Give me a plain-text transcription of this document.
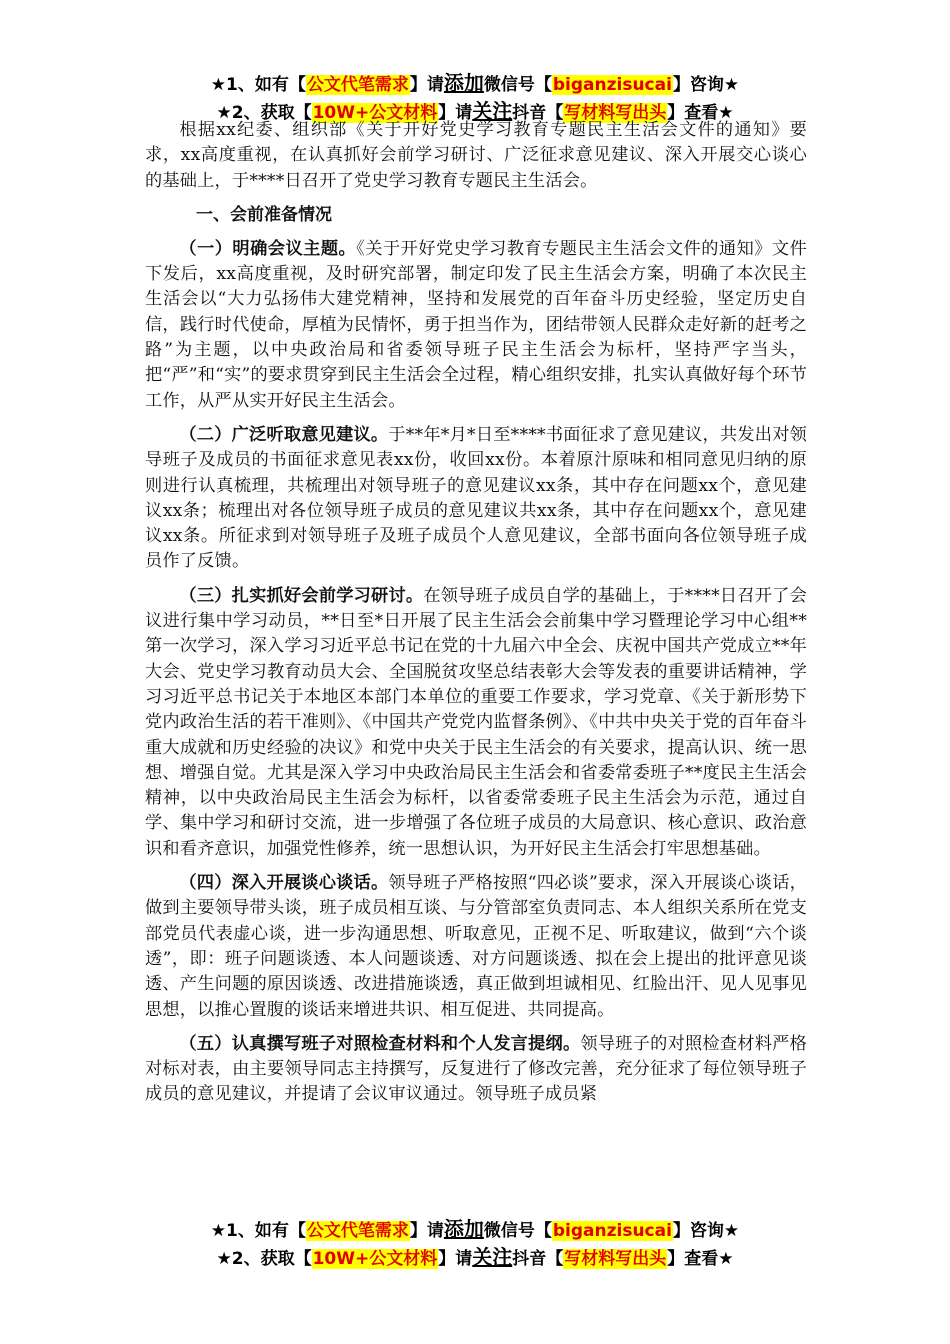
★1、如有【公文代笔需求】请添加微信号【biganzisucai】咨询★
★2、获取【10W+公文材料】请关注抖音【写材料写出头】查看★

根据xx纪委、组织部《关于开好党史学习教育专题民主生活会文件的通知》要求，xx高度重视，在认真抓好会前学习研讨、广泛征求意见建议、深入开展交心谈心的基础上，于****日召开了党史学习教育专题民主生活会。

一、会前准备情况

（一）明确会议主题。《关于开好党史学习教育专题民主生活会文件的通知》文件下发后，xx高度重视，及时研究部署，制定印发了民主生活会方案，明确了本次民主生活会以“大力弘扬伟大建党精神，坚持和发展党的百年奋斗历史经验，坚定历史自信，践行时代使命，厚植为民情怀，勇于担当作为，团结带领人民群众走好新的赶考之路”为主题，以中央政治局和省委领导班子民主生活会为标杆，坚持严字当头，把“严”和“实”的要求贯穿到民主生活会全过程，精心组织安排，扎实认真做好每个环节工作，从严从实开好民主生活会。

（二）广泛听取意见建议。于**年*月*日至****书面征求了意见建议，共发出对领导班子及成员的书面征求意见表xx份，收回xx份。本着原汁原味和相同意见归纳的原则进行认真梳理，共梳理出对领导班子的意见建议xx条，其中存在问题xx个，意见建议xx条；梳理出对各位领导班子成员的意见建议共xx条，其中存在问题xx个，意见建议xx条。所征求到对领导班子及班子成员个人意见建议，全部书面向各位领导班子成员作了反馈。

（三）扎实抓好会前学习研讨。在领导班子成员自学的基础上，于****日召开了会议进行集中学习动员，**日至*日开展了民主生活会会前集中学习暨理论学习中心组**第一次学习，深入学习习近平总书记在党的十九届六中全会、庆祝中国共产党成立**年大会、党史学习教育动员大会、全国脱贫攻坚总结表彰大会等发表的重要讲话精神，学习习近平总书记关于本地区本部门本单位的重要工作要求，学习党章、《关于新形势下党内政治生活的若干准则》、《中国共产党党内监督条例》、《中共中央关于党的百年奋斗重大成就和历史经验的决议》和党中央关于民主生活会的有关要求，提高认识、统一思想、增强自觉。尤其是深入学习中央政治局民主生活会和省委常委班子**度民主生活会精神，以中央政治局民主生活会为标杆，以省委常委班子民主生活会为示范，通过自学、集中学习和研讨交流，进一步增强了各位班子成员的大局意识、核心意识、政治意识和看齐意识，加强党性修养，统一思想认识，为开好民主生活会打牢思想基础。

（四）深入开展谈心谈话。领导班子严格按照“四必谈”要求，深入开展谈心谈话，做到主要领导带头谈，班子成员相互谈、与分管部室负责同志、本人组织关系所在党支部党员代表虚心谈，进一步沟通思想、听取意见，正视不足、听取建议，做到“六个谈透”，即：班子问题谈透、本人问题谈透、对方问题谈透、拟在会上提出的批评意见谈透、产生问题的原因谈透、改进措施谈透，真正做到坦诚相见、红脸出汗、见人见事见思想，以推心置腹的谈话来增进共识、相互促进、共同提高。

（五）认真撰写班子对照检查材料和个人发言提纲。领导班子的对照检查材料严格对标对表，由主要领导同志主持撰写，反复进行了修改完善，充分征求了每位领导班子成员的意见建议，并提请了会议审议通过。领导班子成员紧

★1、如有【公文代笔需求】请添加微信号【biganzisucai】咨询★
★2、获取【10W+公文材料】请关注抖音【写材料写出头】查看★
